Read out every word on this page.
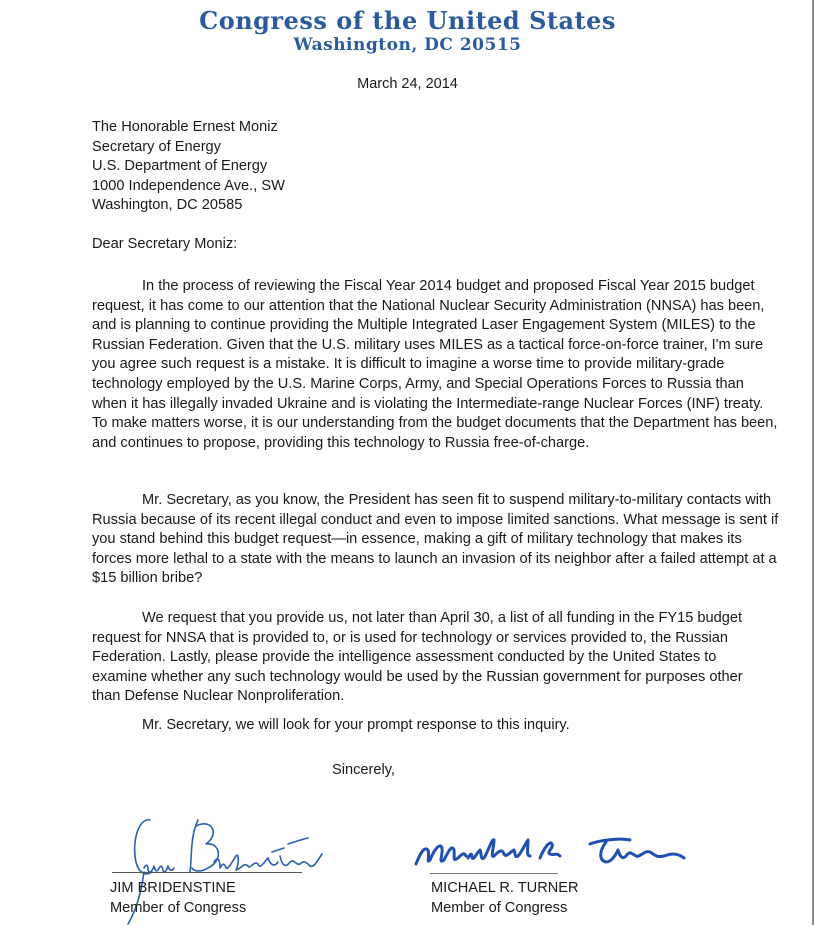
Congress of the United States
Washington, DC 20515
March 24, 2014
The Honorable Ernest Moniz
Secretary of Energy
U.S. Department of Energy
1000 Independence Ave., SW
Washington, DC 20585
Dear Secretary Moniz:
In the process of reviewing the Fiscal Year 2014 budget and proposed Fiscal Year 2015 budget request, it has come to our attention that the National Nuclear Security Administration (NNSA) has been, and is planning to continue providing the Multiple Integrated Laser Engagement System (MILES) to the Russian Federation. Given that the U.S. military uses MILES as a tactical force-on-force trainer, I'm sure you agree such request is a mistake. It is difficult to imagine a worse time to provide military-grade technology employed by the U.S. Marine Corps, Army, and Special Operations Forces to Russia than when it has illegally invaded Ukraine and is violating the Intermediate-range Nuclear Forces (INF) treaty. To make matters worse, it is our understanding from the budget documents that the Department has been, and continues to propose, providing this technology to Russia free-of-charge.
Mr. Secretary, as you know, the President has seen fit to suspend military-to-military contacts with Russia because of its recent illegal conduct and even to impose limited sanctions. What message is sent if you stand behind this budget request—in essence, making a gift of military technology that makes its forces more lethal to a state with the means to launch an invasion of its neighbor after a failed attempt at a $15 billion bribe?
We request that you provide us, not later than April 30, a list of all funding in the FY15 budget request for NNSA that is provided to, or is used for technology or services provided to, the Russian Federation. Lastly, please provide the intelligence assessment conducted by the United States to examine whether any such technology would be used by the Russian government for purposes other than Defense Nuclear Nonproliferation.
Mr. Secretary, we will look for your prompt response to this inquiry.
Sincerely,
JIM BRIDENSTINE
Member of Congress
MICHAEL R. TURNER
Member of Congress
